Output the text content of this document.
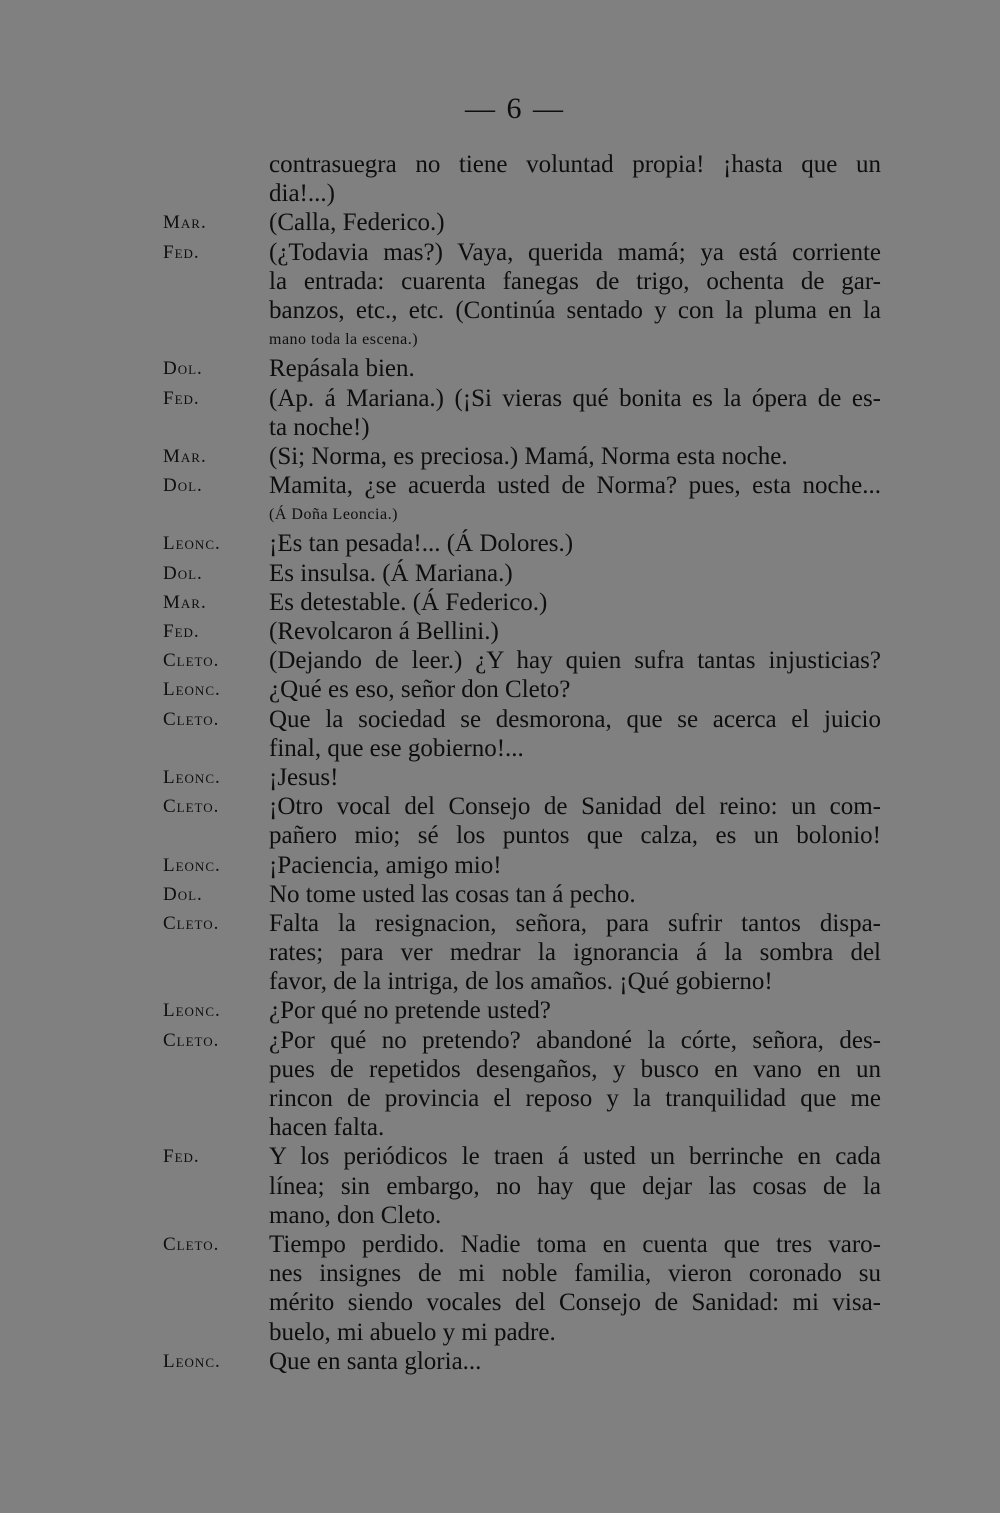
— 6 —
contrasuegra no tiene voluntad propia! ¡hasta que un
dia!...)
Mar. (Calla, Federico.)
Fed.	(¿Todavia mas?) Vaya, querida mamá; ya está corriente
la entrada: cuarenta fanegas de trigo, ochenta de gar-
banzos, etc., etc. (Continúa sentado y con la pluma en la
mano toda la escena.)
Dol.	Repásala bien.
Fed.	(Ap. á Mariana.) (¡Si vieras qué bonita es la ópera de es-
ta noche!)
Mar. (Si; Norma, es preciosa.) Mamá, Norma esta noche.
Dol.	Mamita, ¿se acuerda usted de Norma? pues, esta noche...
(Á Doña Leoncia.)
Leonc. ¡Es tan pesada!... (Á Dolores.)
Dol.	Es insulsa. (Á Mariana.)
Mar. Es detestable. (Á Federico.)
Fed.	(Revolcaron á Bellini.)
Cleto. (Dejando de leer.) ¿Y hay quien sufra tantas injusticias?
Leonc. ¿Qué es eso, señor don Cleto?
Cleto. Que la sociedad se desmorona, que se acerca el juicio
final, que ese gobierno!...
Leonc. ¡Jesus!
Cleto. ¡Otro vocal del Consejo de Sanidad del reino: un com-
pañero mio; sé los puntos que calza, es un bolonio!
Leonc. ¡Paciencia, amigo mio!
Dol.	No tome usted las cosas tan á pecho.
Cleto. Falta la resignacion, señora, para sufrir tantos dispa-
rates; para ver medrar la ignorancia á la sombra del
favor, de la intriga, de los amaños. ¡Qué gobierno!
Leonc. ¿Por qué no pretende usted?
Cleto. ¿Por qué no pretendo? abandoné la córte, señora, des-
pues de repetidos desengaños, y busco en vano en un
rincon de provincia el reposo y la tranquilidad que me
hacen falta.
Fed.	Y los periódicos le traen á usted un berrinche en cada
línea; sin embargo, no hay que dejar las cosas de la
mano, don Cleto.
Cleto. Tiempo perdido. Nadie toma en cuenta que tres varo-
nes insignes de mi noble familia, vieron coronado su
mérito siendo vocales del Consejo de Sanidad: mi visa-
buelo, mi abuelo y mi padre.
Leonc. Que en santa gloria...
